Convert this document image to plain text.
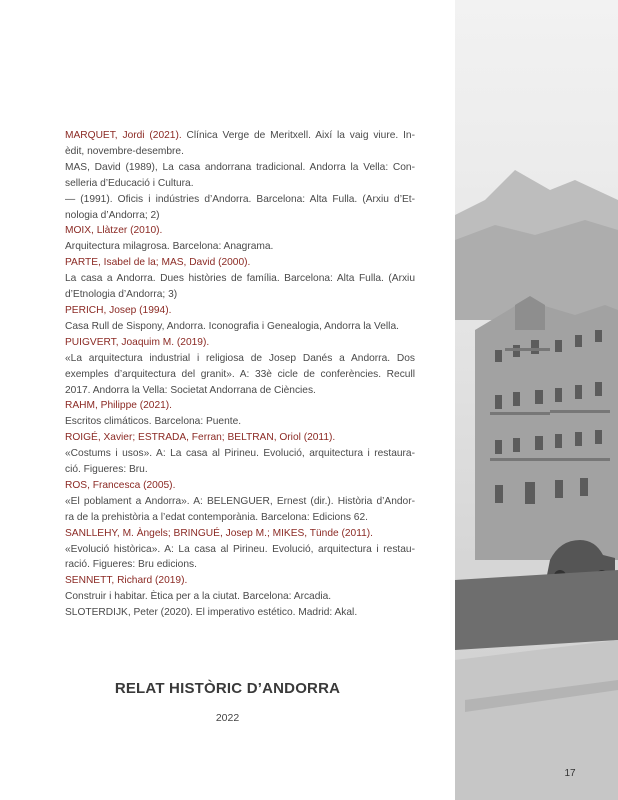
MARQUET, Jordi (2021). Clínica Verge de Meritxell. Així la vaig viure. In-
èdit, novembre-desembre.
MAS, David (1989), La casa andorrana tradicional. Andorra la Vella: Con-
selleria d’Educació i Cultura.
— (1991). Oficis i indústries d’Andorra. Barcelona: Alta Fulla. (Arxiu d’Et-
nologia d’Andorra; 2)
MOIX, Llàtzer (2010).
Arquitectura milagrosa. Barcelona: Anagrama.
PARTE, Isabel de la; MAS, David (2000).
La casa a Andorra. Dues històries de família. Barcelona: Alta Fulla. (Arxiu
d’Etnologia d’Andorra; 3)
PERICH, Josep (1994).
Casa Rull de Sispony, Andorra. Iconografia i Genealogia, Andorra la Vella.
PUIGVERT, Joaquim M. (2019).
«La arquitectura industrial i religiosa de Josep Danés a Andorra. Dos
exemples d’arquitectura del granit». A: 33è cicle de conferències. Recull
2017. Andorra la Vella: Societat Andorrana de Ciències.
RAHM, Philippe (2021).
Escritos climáticos. Barcelona: Puente.
ROIGÉ, Xavier; ESTRADA, Ferran; BELTRAN, Oriol (2011).
«Costums i usos». A: La casa al Pirineu. Evolució, arquitectura i restaura-
ció. Figueres: Bru.
ROS, Francesca (2005).
«El poblament a Andorra». A: BELENGUER, Ernest (dir.). Història d’Andor-
ra de la prehistòria a l’edat contemporània. Barcelona: Edicions 62.
SANLLEHY, M. Àngels; BRINGUÉ, Josep M.; MIKES, Tünde (2011).
«Evolució històrica». A: La casa al Pirineu. Evolució, arquitectura i restau-
ració. Figueres: Bru edicions.
SENNETT, Richard (2019).
Construir i habitar. Ètica per a la ciutat. Barcelona: Arcadia.
SLOTERDIJK, Peter (2020). El imperativo estético. Madrid: Akal.
RELAT HISTÒRIC D’ANDORRA
2022
17
